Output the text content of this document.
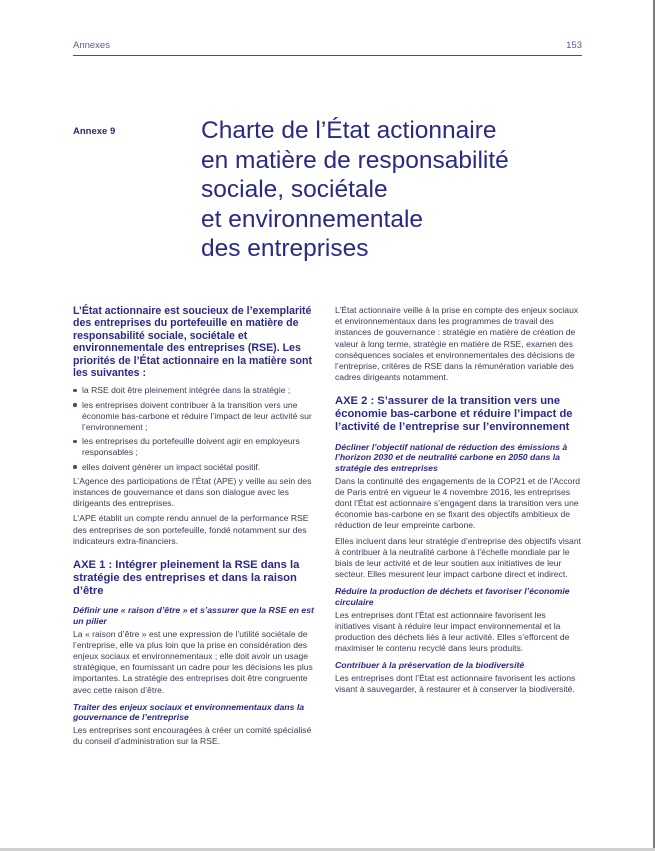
Annexes	153
Annexe 9	Charte de l’État actionnaire
en matière de responsabilité
sociale, sociétale
et environnementale
des entreprises

L’État actionnaire est soucieux de l’exemplarité des entreprises du portefeuille en matière de responsabilité sociale, sociétale et environnementale des entreprises (RSE). Les priorités de l’État actionnaire en la matière sont les suivantes :

la RSE doit être pleinement intégrée dans la stratégie ;
les entreprises doivent contribuer à la transition vers une économie bas-carbone et réduire l’impact de leur activité sur l’environnement ;
les entreprises du portefeuille doivent agir en employeurs responsables ;
elles doivent générer un impact sociétal positif.

L’Agence des participations de l’État (APE) y veille au sein des instances de gouvernance et dans son dialogue avec les dirigeants des entreprises.

L’APE établit un compte rendu annuel de la performance RSE des entreprises de son portefeuille, fondé notamment sur des indicateurs extra-financiers.

AXE 1 : Intégrer pleinement la RSE dans la stratégie des entreprises et dans la raison d’être
Définir une « raison d’être » et s’assurer que la RSE en est un pilier

La « raison d’être » est une expression de l’utilité sociétale de l’entreprise, elle va plus loin que la prise en considération des enjeux sociaux et environnementaux ; elle doit avoir un usage stratégique, en fournissant un cadre pour les décisions les plus importantes. La stratégie des entreprises doit être congruente avec cette raison d’être.

Traiter des enjeux sociaux et environnementaux dans la gouvernance de l’entreprise

Les entreprises sont encouragées à créer un comité spécialisé du conseil d’administration sur la RSE.

L’État actionnaire veille à la prise en compte des enjeux sociaux et environnementaux dans les programmes de travail des instances de gouvernance : stratégie en matière de création de valeur à long terme, stratégie en matière de RSE, examen des conséquences sociales et environnementales des décisions de l’entreprise, critères de RSE dans la rémunération variable des cadres dirigeants notamment.

AXE 2 : S’assurer de la transition vers une économie bas-carbone et réduire l’impact de l’activité de l’entreprise sur l’environnement
Décliner l’objectif national de réduction des émissions à l’horizon 2030 et de neutralité carbone en 2050 dans la stratégie des entreprises

Dans la continuité des engagements de la COP21 et de l’Accord de Paris entré en vigueur le 4 novembre 2016, les entreprises dont l’État est actionnaire s’engagent dans la transition vers une économie bas-carbone en se fixant des objectifs ambitieux de réduction de leur empreinte carbone.

Elles incluent dans leur stratégie d’entreprise des objectifs visant à contribuer à la neutralité carbone à l’échelle mondiale par le biais de leur activité et de leur soutien aux initiatives de leur secteur. Elles mesurent leur impact carbone direct et indirect.

Réduire la production de déchets et favoriser l’économie circulaire

Les entreprises dont l’État est actionnaire favorisent les initiatives visant à réduire leur impact environnemental et la production des déchets liés à leur activité. Elles s’efforcent de maximiser le contenu recyclé dans leurs produits.

Contribuer à la préservation de la biodiversité

Les entreprises dont l’État est actionnaire favorisent les actions visant à sauvegarder, à restaurer et à conserver la biodiversité.
